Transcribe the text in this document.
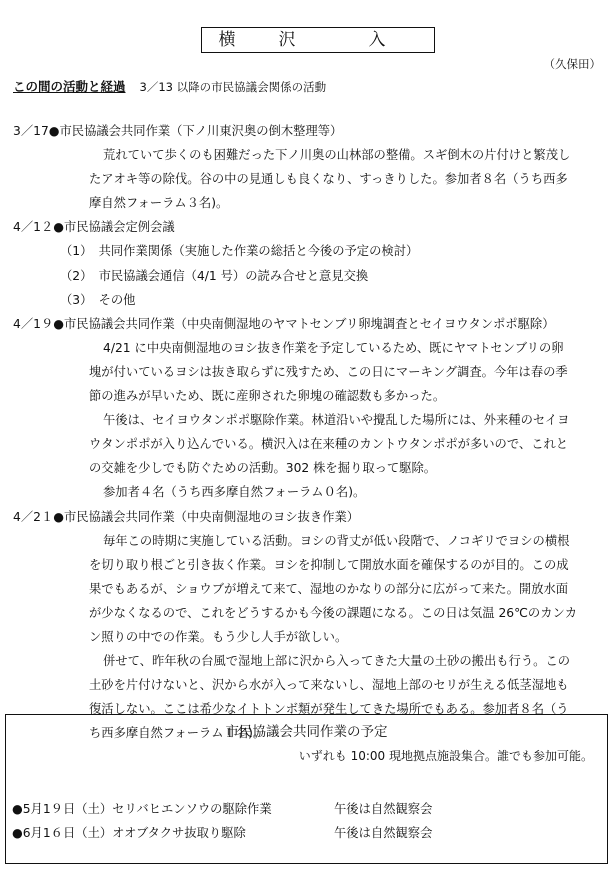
横 沢	入
（久保田）
この間の活動と経過 3／13 以降の市民協議会関係の活動
3／17●市民協議会共同作業（下ノ川東沢奥の倒木整理等）
荒れていて歩くのも困難だった下ノ川奥の山林部の整備。スギ倒木の片付けと繁茂し
たアオキ等の除伐。谷の中の見通しも良くなり、すっきりした。参加者８名（うち西多
摩自然フォーラム３名)。
4／1２●市民協議会定例会議
（1）　共同作業関係（実施した作業の総括と今後の予定の検討）
（2）　市民協議会通信（4/1 号）の読み合せと意見交換
（3）　その他
4／1９●市民協議会共同作業（中央南側湿地のヤマトセンブリ卵塊調査とセイヨウタンポポ駆除）
4/21 に中央南側湿地のヨシ抜き作業を予定しているため、既にヤマトセンブリの卵
塊が付いているヨシは抜き取らずに残すため、この日にマーキング調査。今年は春の季
節の進みが早いため、既に産卵された卵塊の確認数も多かった。
午後は、セイヨウタンポポ駆除作業。林道沿いや攪乱した場所には、外来種のセイヨ
ウタンポポが入り込んでいる。横沢入は在来種のカントウタンポポが多いので、これと
の交雑を少しでも防ぐための活動。302 株を掘り取って駆除。
参加者４名（うち西多摩自然フォーラム０名)。
4／2１●市民協議会共同作業（中央南側湿地のヨシ抜き作業）
毎年この時期に実施している活動。ヨシの背丈が低い段階で、ノコギリでヨシの横根
を切り取り根ごと引き抜く作業。ヨシを抑制して開放水面を確保するのが目的。この成
果でもあるが、ショウブが増えて来て、湿地のかなりの部分に広がって来た。開放水面
が少なくなるので、これをどうするかも今後の課題になる。この日は気温 26℃のカンカ
ン照りの中での作業。もう少し人手が欲しい。
併せて、昨年秋の台風で湿地上部に沢から入ってきた大量の土砂の搬出も行う。この
土砂を片付けないと、沢から水が入って来ないし、湿地上部のセリが生える低茎湿地も
復活しない。ここは希少なイトトンボ類が発生してきた場所でもある。参加者８名（う
ち西多摩自然フォーラム１名)。
市民協議会共同作業の予定
いずれも 10:00 現地拠点施設集合。誰でも参加可能。
●5月1９日（土）セリバヒエンソウの駆除作業	午後は自然観察会
●6月1６日（土）オオブタクサ抜取り駆除	午後は自然観察会
